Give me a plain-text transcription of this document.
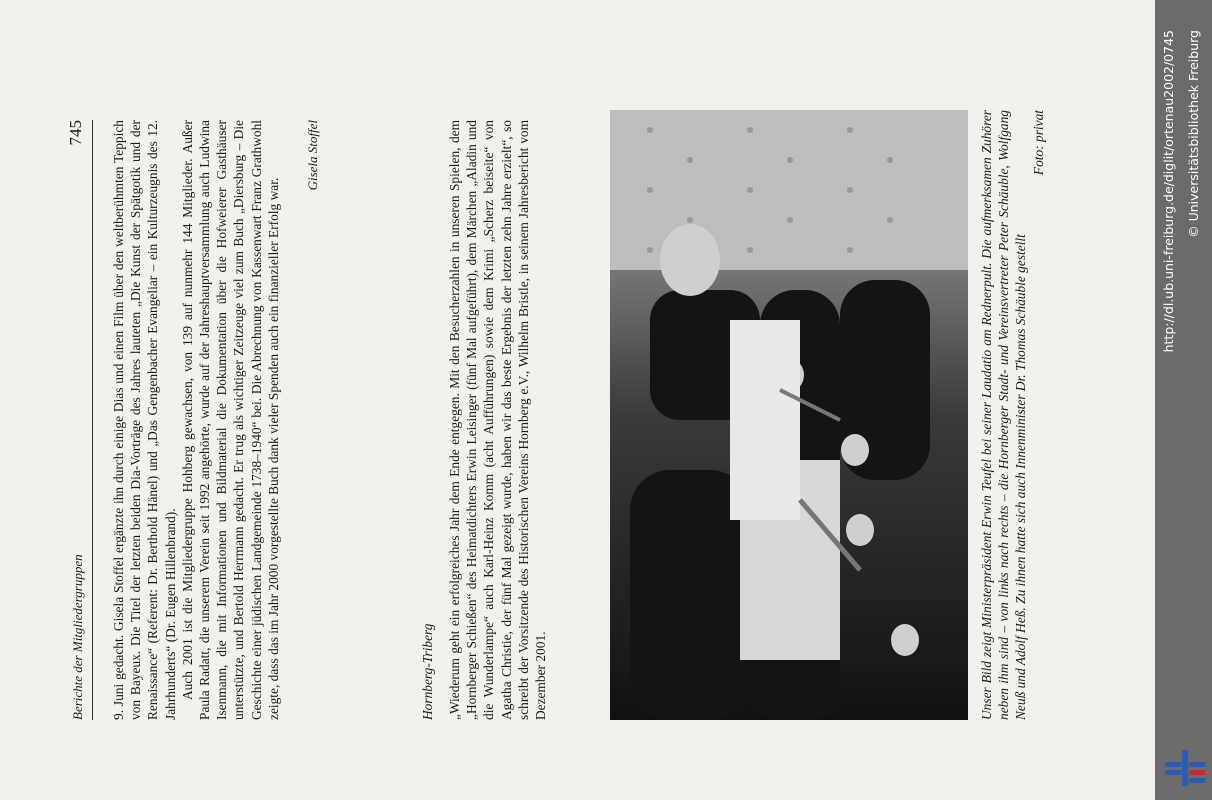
Berichte der Mitgliedergruppen
745 9. Juni gedacht. Gisela Stoffel ergänzte ihn durch einige Dias und einen Film über den weltberühmten Teppich von Bayeux. Die Titel der letzten beiden Dia-Vorträge des Jahres lauteten „Die Kunst der Spätgotik und der Renaissance“ (Referent: Dr. Berthold Hänel) und „Das Gengenbacher Evangeliar – ein Kulturzeugnis des 12. Jahrhunderts“ (Dr. Eugen Hillenbrand). Auch 2001 ist die Mitgliedergruppe Hohberg gewachsen, von 139 auf nunmehr 144 Mitglieder. Außer Paula Radatt, die unserem Verein seit 1992 angehörte, wurde auf der Jahreshauptversammlung auch Ludwina Isenmann, die mit Informationen und Bildmaterial die Dokumentation über die Hofweierer Gasthäuser unterstützte, und Bertold Herrmann gedacht. Er trug als wichtiger Zeitzeuge viel zum Buch „Diersburg – Die Geschichte einer jüdischen Landgemeinde 1738–1940“ bei. Die Abrechnung von Kassenwart Franz Grathwohl zeigte, dass das im Jahr 2000 vorgestellte Buch dank vieler Spenden auch ein finanzieller Erfolg war.

Gisela Stoffel

Hornberg-Triberg „Wiederum geht ein erfolgreiches Jahr dem Ende entgegen. Mit den Besucherzahlen in unseren Spielen, dem „Hornberger Schießen“ des Heimatdichters Erwin Leisinger (fünf Mal aufgeführt), dem Märchen „Aladin und die Wunderlampe“ auch Karl-Heinz Komm (acht Aufführungen) sowie dem Krimi „Scherz beiseite“ von Agatha Christie, der fünf Mal gezeigt wurde, haben wir das beste Ergebnis der letzten zehn Jahre erzielt“, so schreibt der Vorsitzende des Historischen Vereins Hornberg e.V., Wilhelm Bristle, in seinem Jahresbericht vom Dezember 2001.	Unser Bild zeigt Ministerpräsident Erwin Teufel bei seiner Laudatio am Rednerpult. Die aufmerksamen Zuhörer neben ihm sind – von links nach rechts – die Hornberger Stadt- und Vereinsvertreter Peter Schäuble, Wolfgang Neuß und Adolf Heß. Zu ihnen hatte sich auch Innenminister Dr. Thomas Schäuble gestellt
Foto: privat	http://dl.ub.uni-freiburg.de/diglit/ortenau2002/0745 © Universitätsbibliothek Freiburg
